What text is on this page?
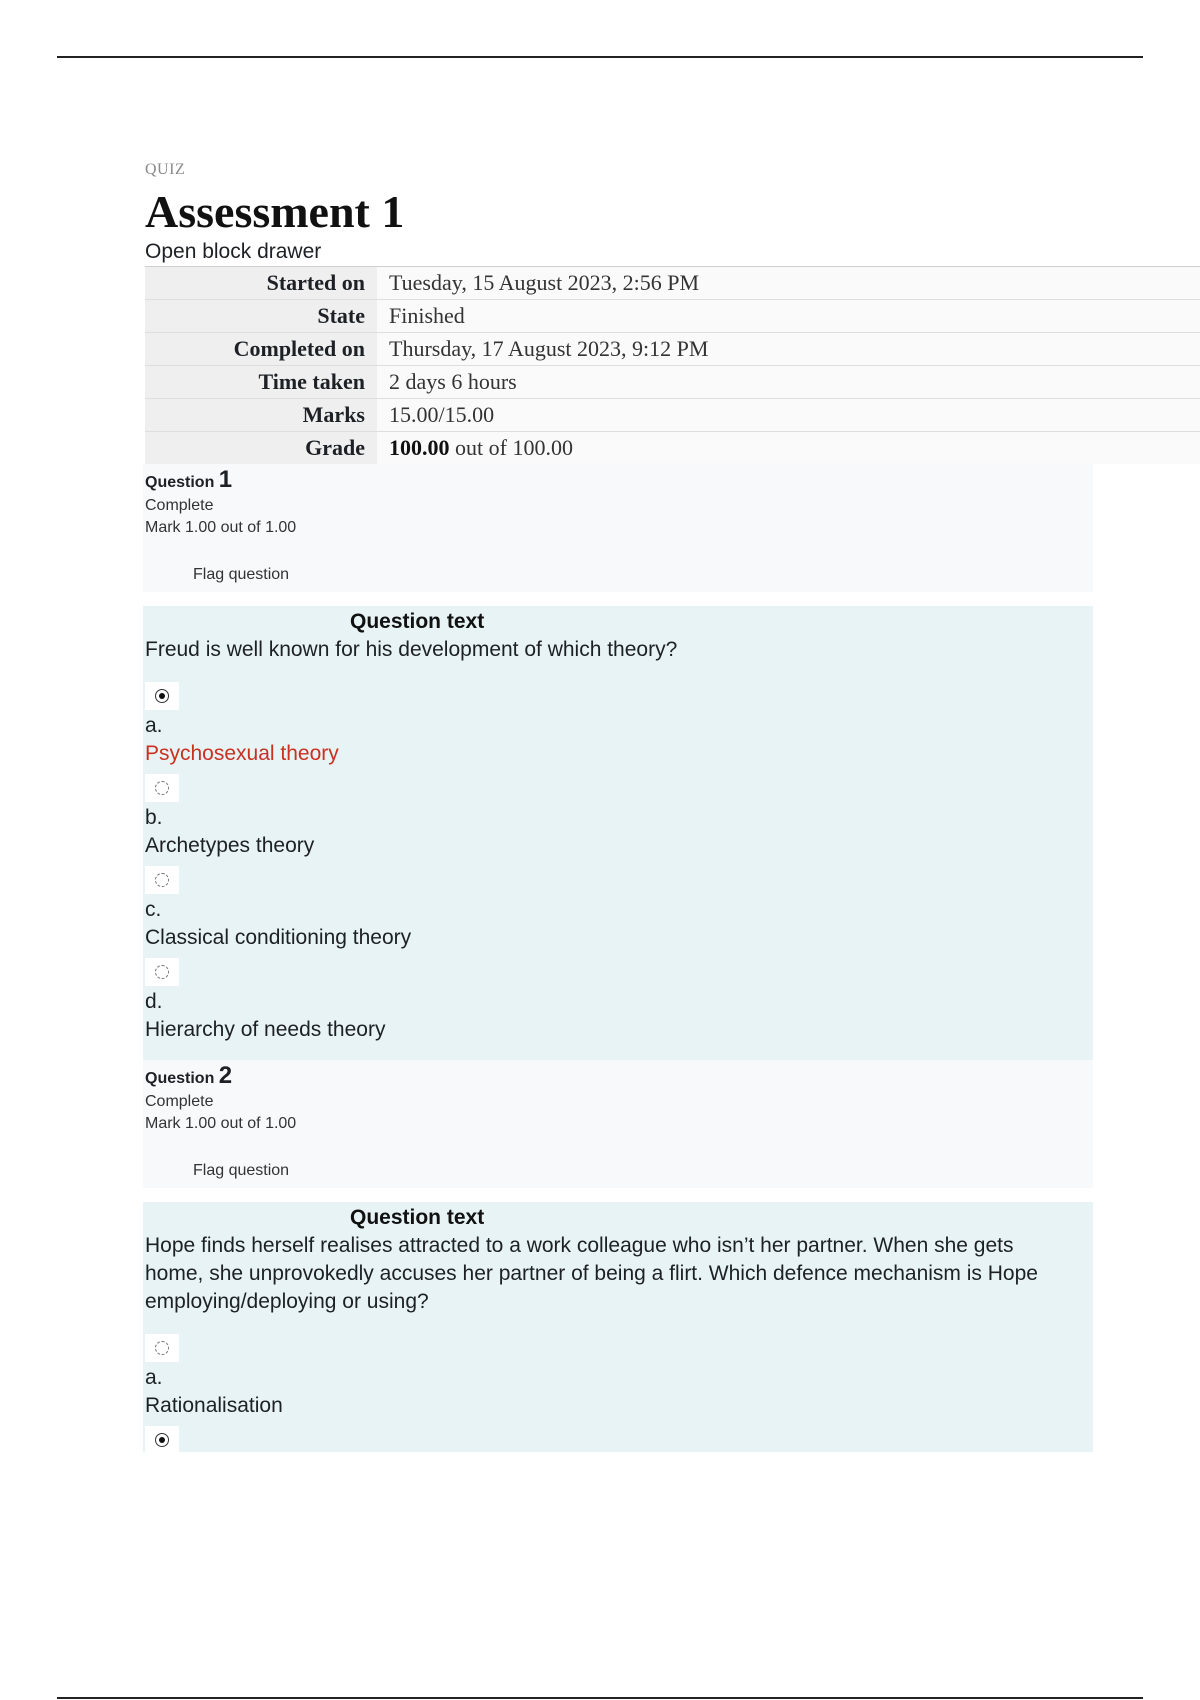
QUIZ
Assessment 1
Open block drawer
Started on	Tuesday, 15 August 2023, 2:56 PM
State	Finished
Completed on	Thursday, 17 August 2023, 9:12 PM
Time taken	2 days 6 hours
Marks	15.00/15.00
Grade	100.00 out of 100.00
Question 1
Complete
Mark 1.00 out of 1.00
Flag question
Question text
Freud is well known for his development of which theory?
a.
Psychosexual theory
b.
Archetypes theory
c.
Classical conditioning theory
d.
Hierarchy of needs theory
Question 2
Complete
Mark 1.00 out of 1.00
Flag question
Question text
Hope finds herself realises attracted to a work colleague who isn’t her partner. When she gets home, she unprovokedly accuses her partner of being a flirt. Which defence mechanism is Hope employing/deploying or using?
a.
Rationalisation
